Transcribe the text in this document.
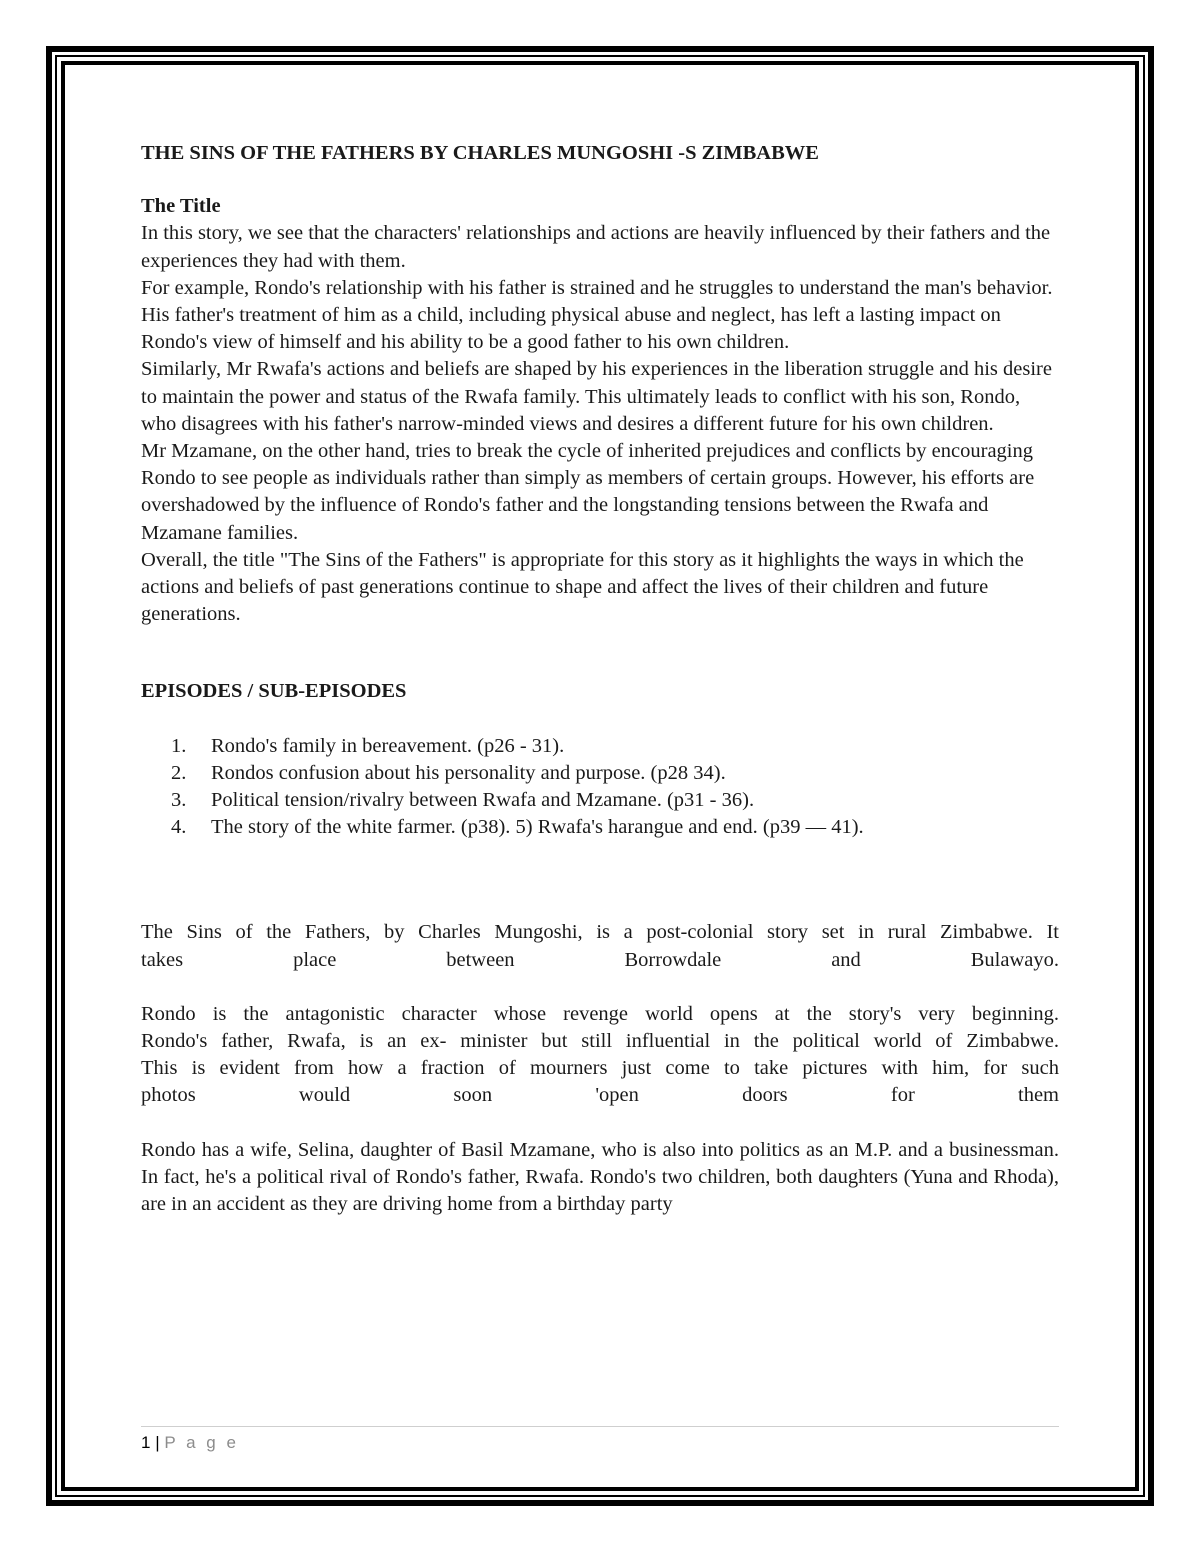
THE SINS OF THE FATHERS BY CHARLES MUNGOSHI -S ZIMBABWE

The Title

In this story, we see that the characters' relationships and actions are heavily influenced by their fathers and the experiences they had with them.

For example, Rondo's relationship with his father is strained and he struggles to understand the man's behavior. His father's treatment of him as a child, including physical abuse and neglect, has left a lasting impact on Rondo's view of himself and his ability to be a good father to his own children.

Similarly, Mr Rwafa's actions and beliefs are shaped by his experiences in the liberation struggle and his desire to maintain the power and status of the Rwafa family. This ultimately leads to conflict with his son, Rondo, who disagrees with his father's narrow-minded views and desires a different future for his own children.

Mr Mzamane, on the other hand, tries to break the cycle of inherited prejudices and conflicts by encouraging Rondo to see people as individuals rather than simply as members of certain groups. However, his efforts are overshadowed by the influence of Rondo's father and the longstanding tensions between the Rwafa and Mzamane families.

Overall, the title "The Sins of the Fathers" is appropriate for this story as it highlights the ways in which the actions and beliefs of past generations continue to shape and affect the lives of their children and future generations.

EPISODES / SUB-EPISODES

1. Rondo's family in bereavement. (p26 - 31).
2. Rondos confusion about his personality and purpose. (p28 34).
3. Political tension/rivalry between Rwafa and Mzamane. (p31 - 36).
4. The story of the white farmer. (p38). 5) Rwafa's harangue and end. (p39 — 41).
The Sins of the Fathers, by Charles Mungoshi, is a post-colonial story set in rural Zimbabwe. It
takes place between Borrowdale and Bulawayo.
Rondo is the antagonistic character whose revenge world opens at the story's very beginning.
Rondo's father, Rwafa, is an ex- minister but still influential in the political world of Zimbabwe.
This is evident from how a fraction of mourners just come to take pictures with him, for such
photos would soon 'open doors for them

Rondo has a wife, Selina, daughter of Basil Mzamane, who is also into politics as an M.P. and a businessman. In fact, he's a political rival of Rondo's father, Rwafa. Rondo's two children, both daughters (Yuna and Rhoda), are in an accident as they are driving home from a birthday party

1 | P a g e
